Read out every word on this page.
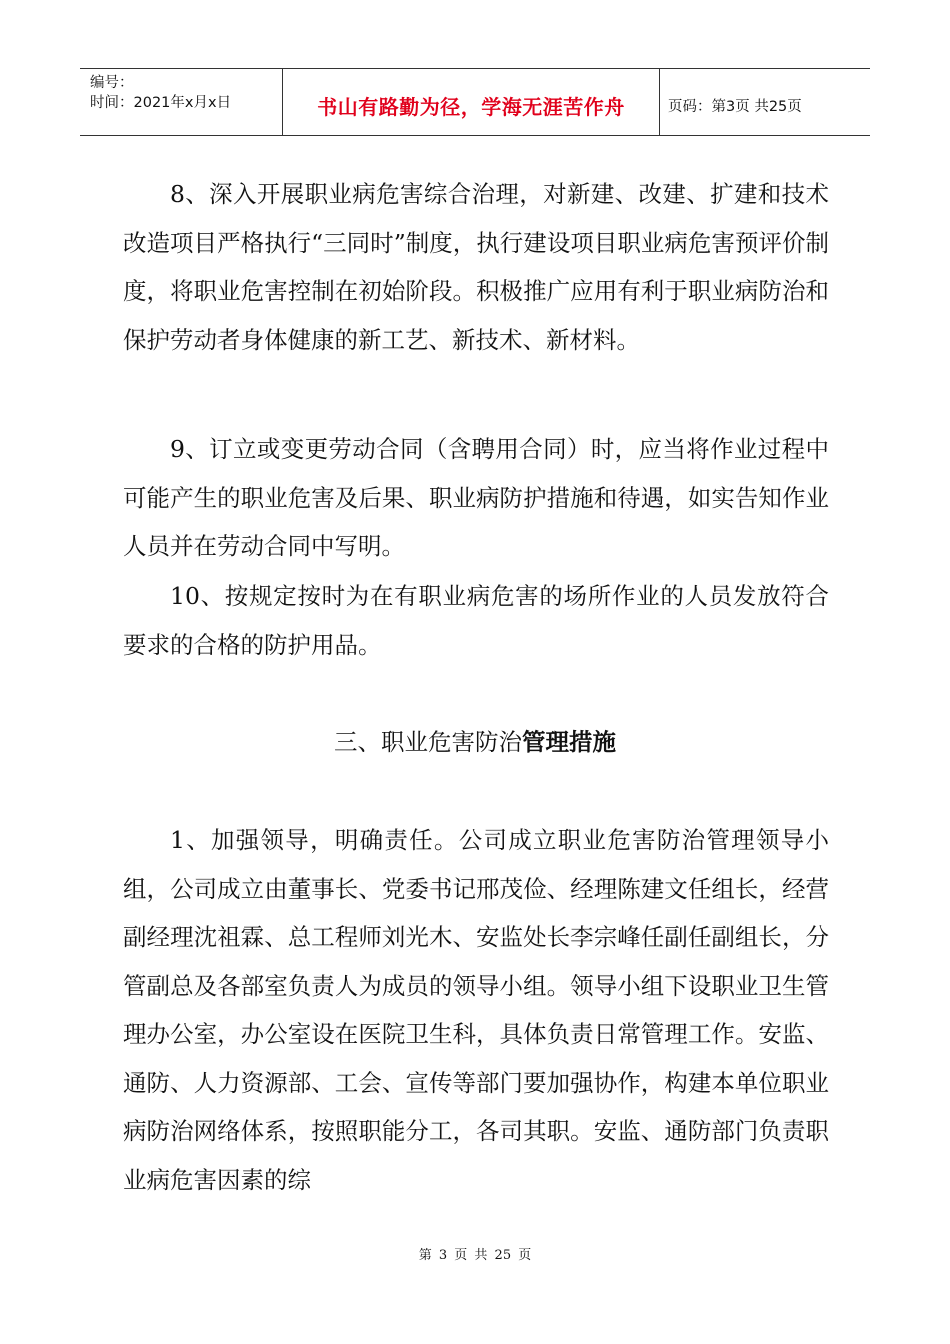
编号：
时间：2021年x月x日	书山有路勤为径，学海无涯苦作舟	页码：第3页 共25页

8、深入开展职业病危害综合治理，对新建、改建、扩建和技术改造项目严格执行“三同时”制度，执行建设项目职业病危害预评价制度，将职业危害控制在初始阶段。积极推广应用有利于职业病防治和保护劳动者身体健康的新工艺、新技术、新材料。

9、订立或变更劳动合同（含聘用合同）时，应当将作业过程中可能产生的职业危害及后果、职业病防护措施和待遇，如实告知作业人员并在劳动合同中写明。

10、按规定按时为在有职业病危害的场所作业的人员发放符合要求的合格的防护用品。

三、职业危害防治管理措施

1、加强领导，明确责任。公司成立职业危害防治管理领导小组，公司成立由董事长、党委书记邢茂俭、经理陈建文任组长，经营副经理沈祖霖、总工程师刘光木、安监处长李宗峰任副任副组长，分管副总及各部室负责人为成员的领导小组。领导小组下设职业卫生管理办公室，办公室设在医院卫生科，具体负责日常管理工作。安监、通防、人力资源部、工会、宣传等部门要加强协作，构建本单位职业病防治网络体系，按照职能分工，各司其职。安监、通防部门负责职业病危害因素的综

第 3 页 共 25 页
